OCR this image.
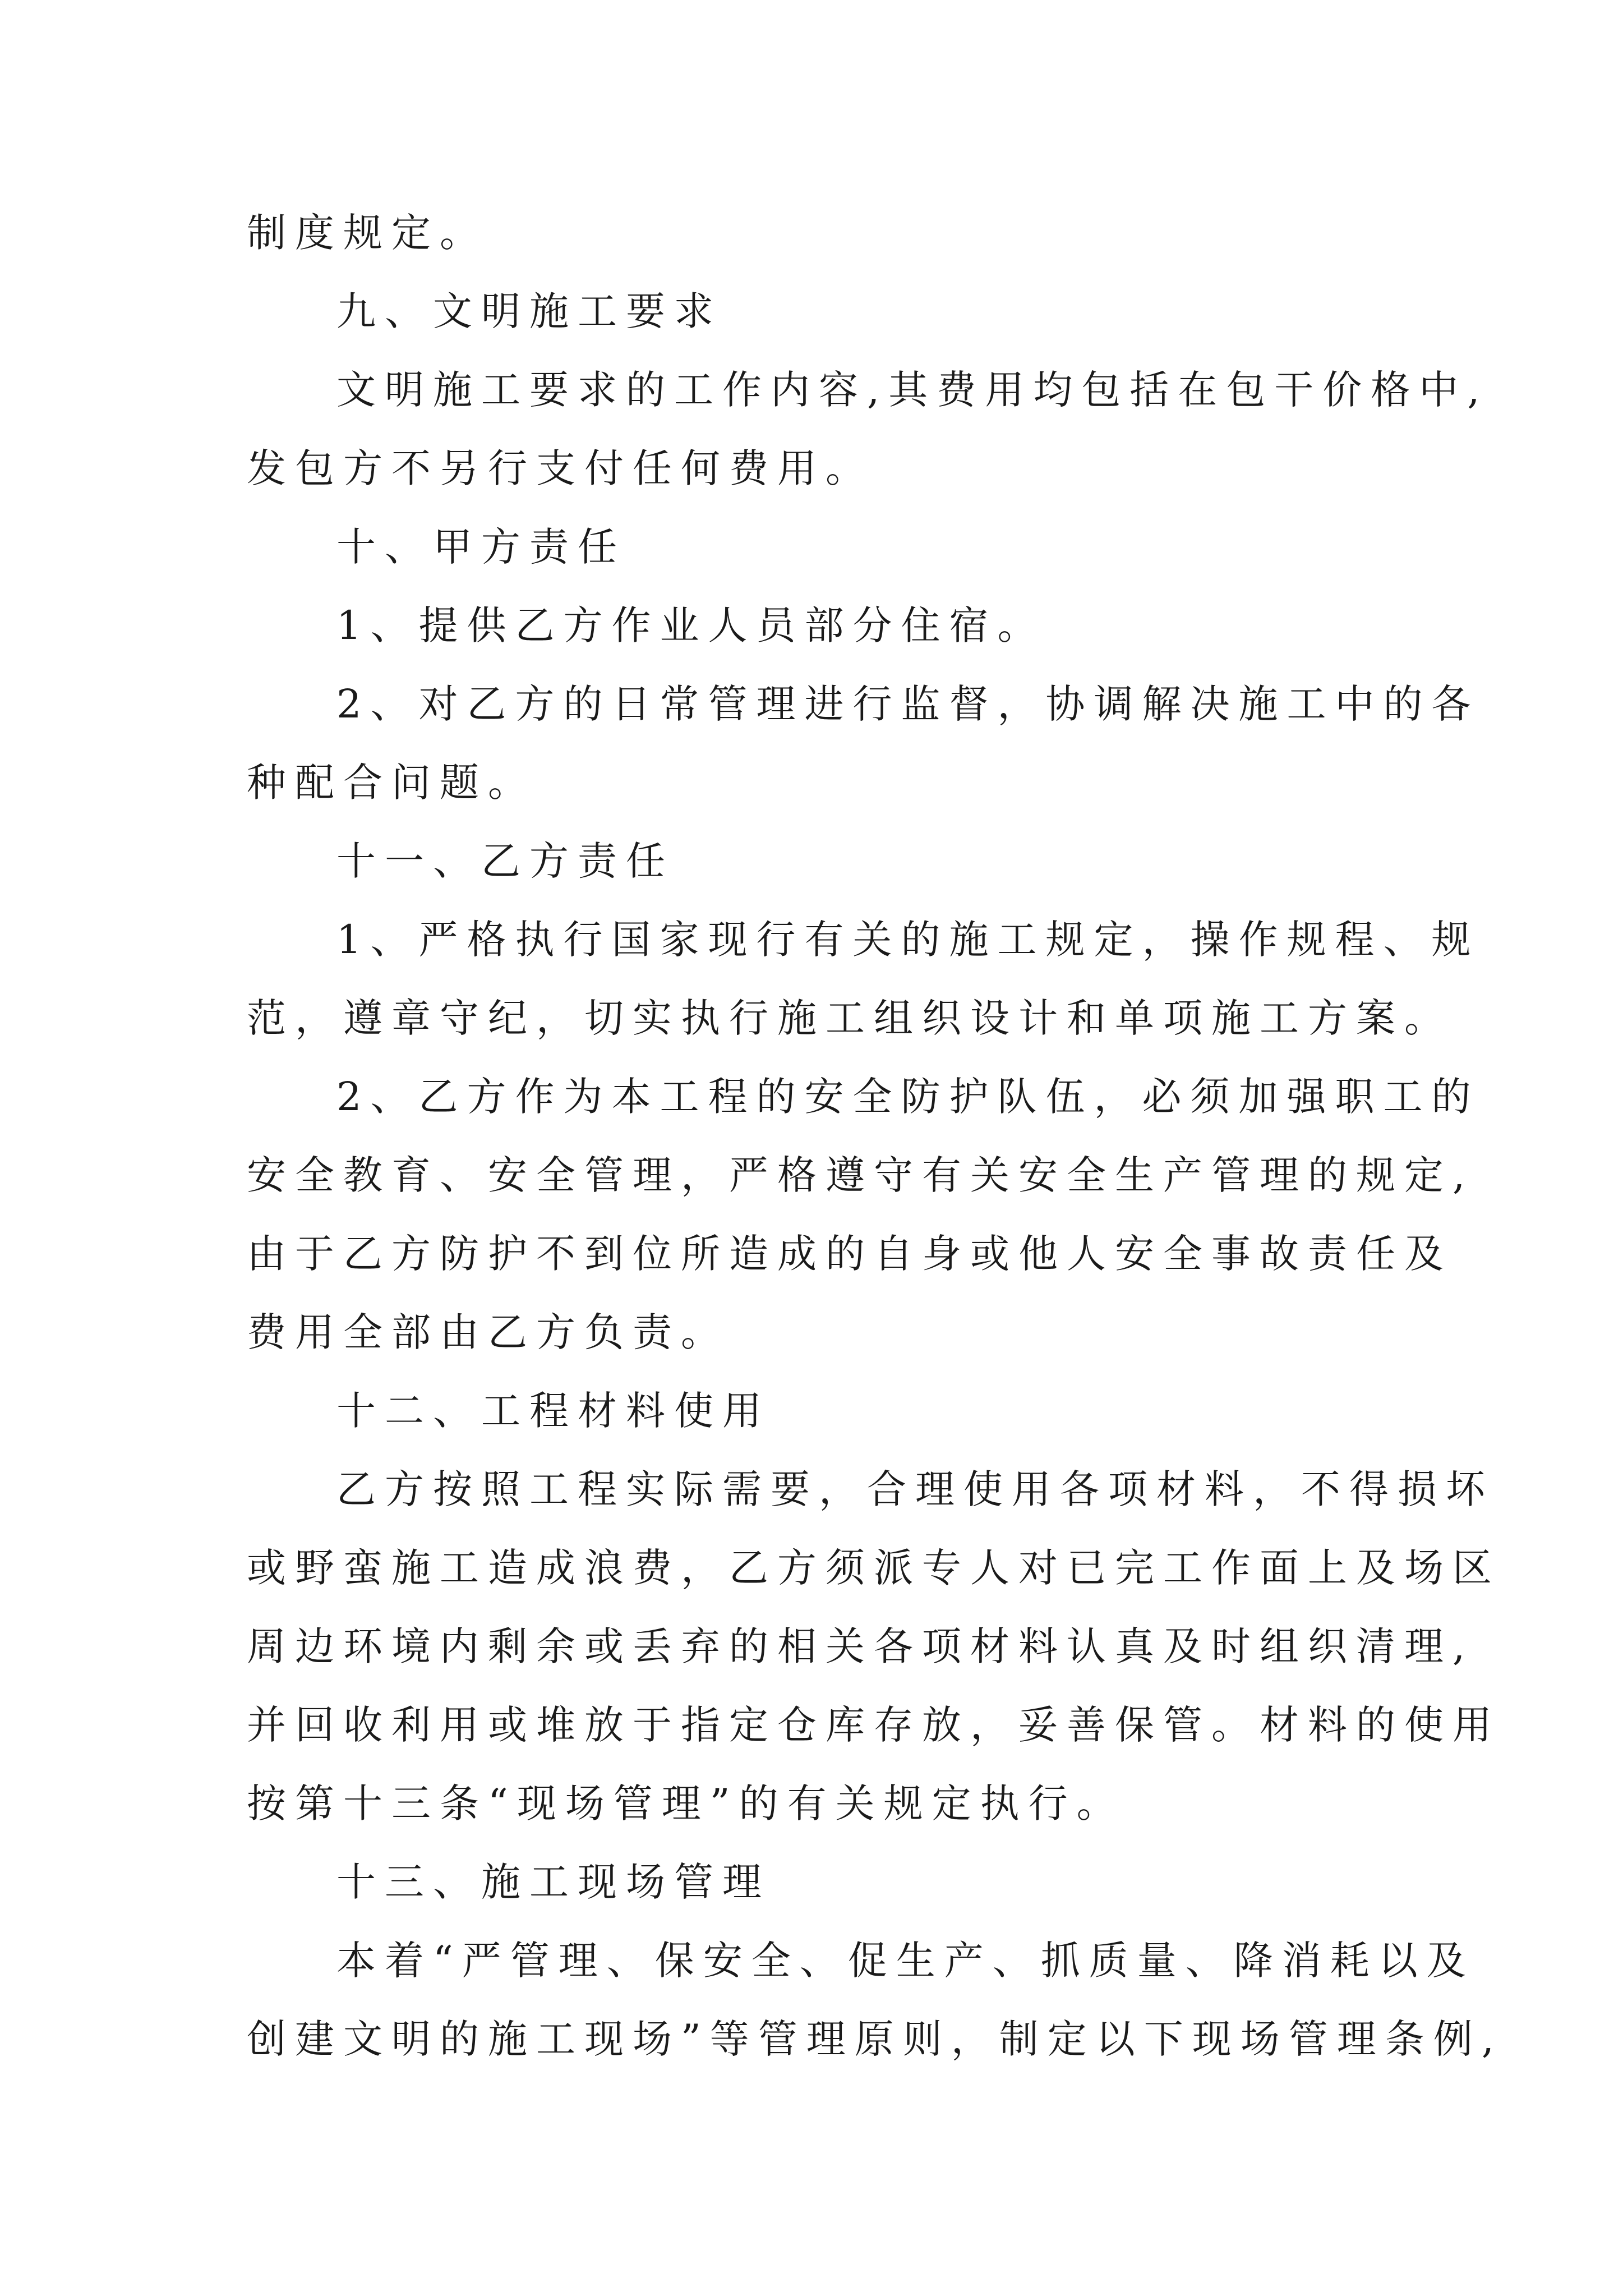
制度规定。
九、文明施工要求
文明施工要求的工作内容,其费用均包括在包干价格中,
发包方不另行支付任何费用。
十、甲方责任
1、提供乙方作业人员部分住宿。
2、对乙方的日常管理进行监督，协调解决施工中的各
种配合问题。
十一、乙方责任
1、严格执行国家现行有关的施工规定，操作规程、规
范，遵章守纪，切实执行施工组织设计和单项施工方案。
2、乙方作为本工程的安全防护队伍，必须加强职工的
安全教育、安全管理，严格遵守有关安全生产管理的规定,
由于乙方防护不到位所造成的自身或他人安全事故责任及
费用全部由乙方负责。
十二、工程材料使用
乙方按照工程实际需要，合理使用各项材料，不得损坏
或野蛮施工造成浪费，乙方须派专人对已完工作面上及场区
周边环境内剩余或丢弃的相关各项材料认真及时组织清理,
并回收利用或堆放于指定仓库存放，妥善保管。材料的使用
按第十三条“现场管理”的有关规定执行。
十三、施工现场管理
本着“严管理、保安全、促生产、抓质量、降消耗以及
创建文明的施工现场”等管理原则，制定以下现场管理条例,
